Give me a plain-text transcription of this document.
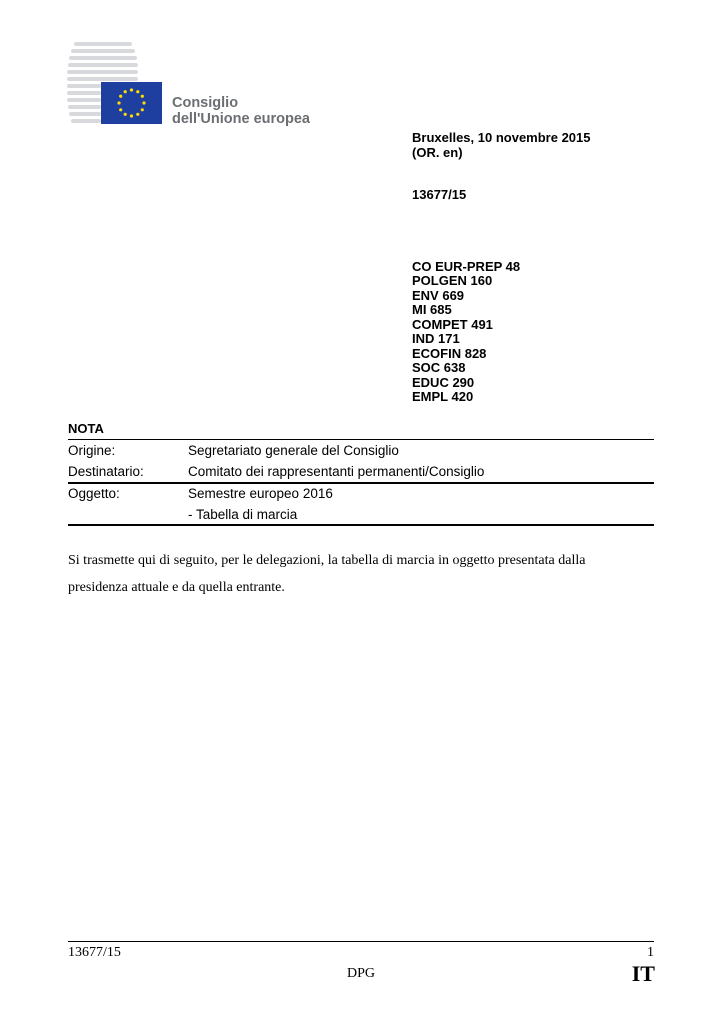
Consiglio
dell'Unione europea
Bruxelles, 10 novembre 2015
(OR. en)
13677/15
CO EUR-PREP 48
POLGEN 160
ENV 669
MI 685
COMPET 491
IND 171
ECOFIN 828
SOC 638
EDUC 290
EMPL 420
NOTA
Origine:	Segretariato generale del Consiglio
Destinatario:	Comitato dei rappresentanti permanenti/Consiglio
Oggetto:	Semestre europeo 2016
- Tabella di marcia
Si trasmette qui di seguito, per le delegazioni, la tabella di marcia in oggetto presentata dalla
presidenza attuale e da quella entrante.
13677/15	1
DPG	IT
